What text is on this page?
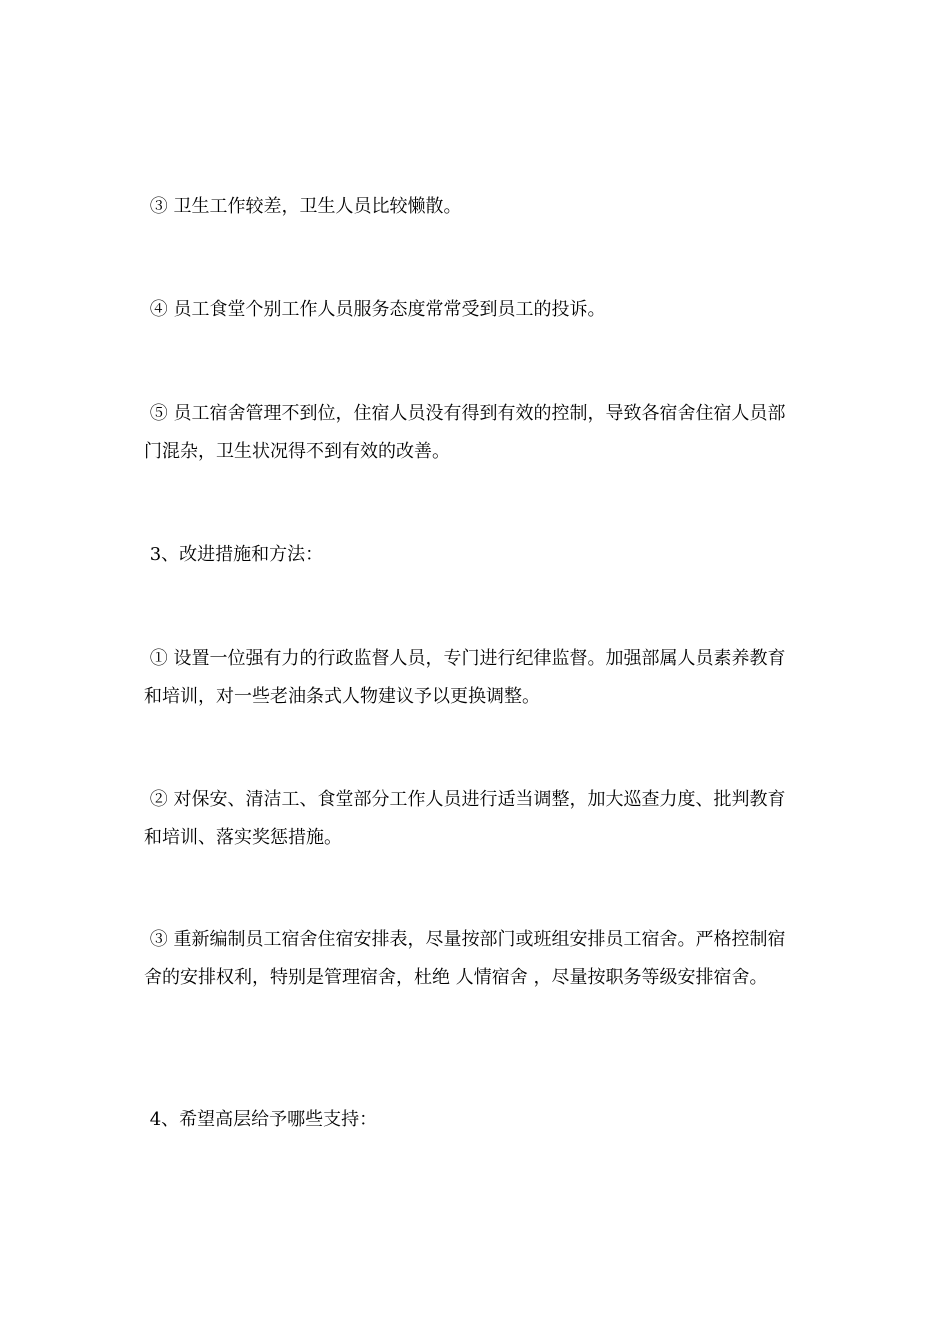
③ 卫生工作较差，卫生人员比较懒散。

④ 员工食堂个别工作人员服务态度常常受到员工的投诉。

⑤ 员工宿舍管理不到位，住宿人员没有得到有效的控制，导致各宿舍住宿人员部门混杂，卫生状况得不到有效的改善。

3、改进措施和方法：

① 设置一位强有力的行政监督人员，专门进行纪律监督。加强部属人员素养教育和培训，对一些老油条式人物建议予以更换调整。

② 对保安、清洁工、食堂部分工作人员进行适当调整，加大巡查力度、批判教育和培训、落实奖惩措施。

③ 重新编制员工宿舍住宿安排表，尽量按部门或班组安排员工宿舍。严格控制宿舍的安排权利，特别是管理宿舍，杜绝 人情宿舍 ，尽量按职务等级安排宿舍。

4、希望高层给予哪些支持：
